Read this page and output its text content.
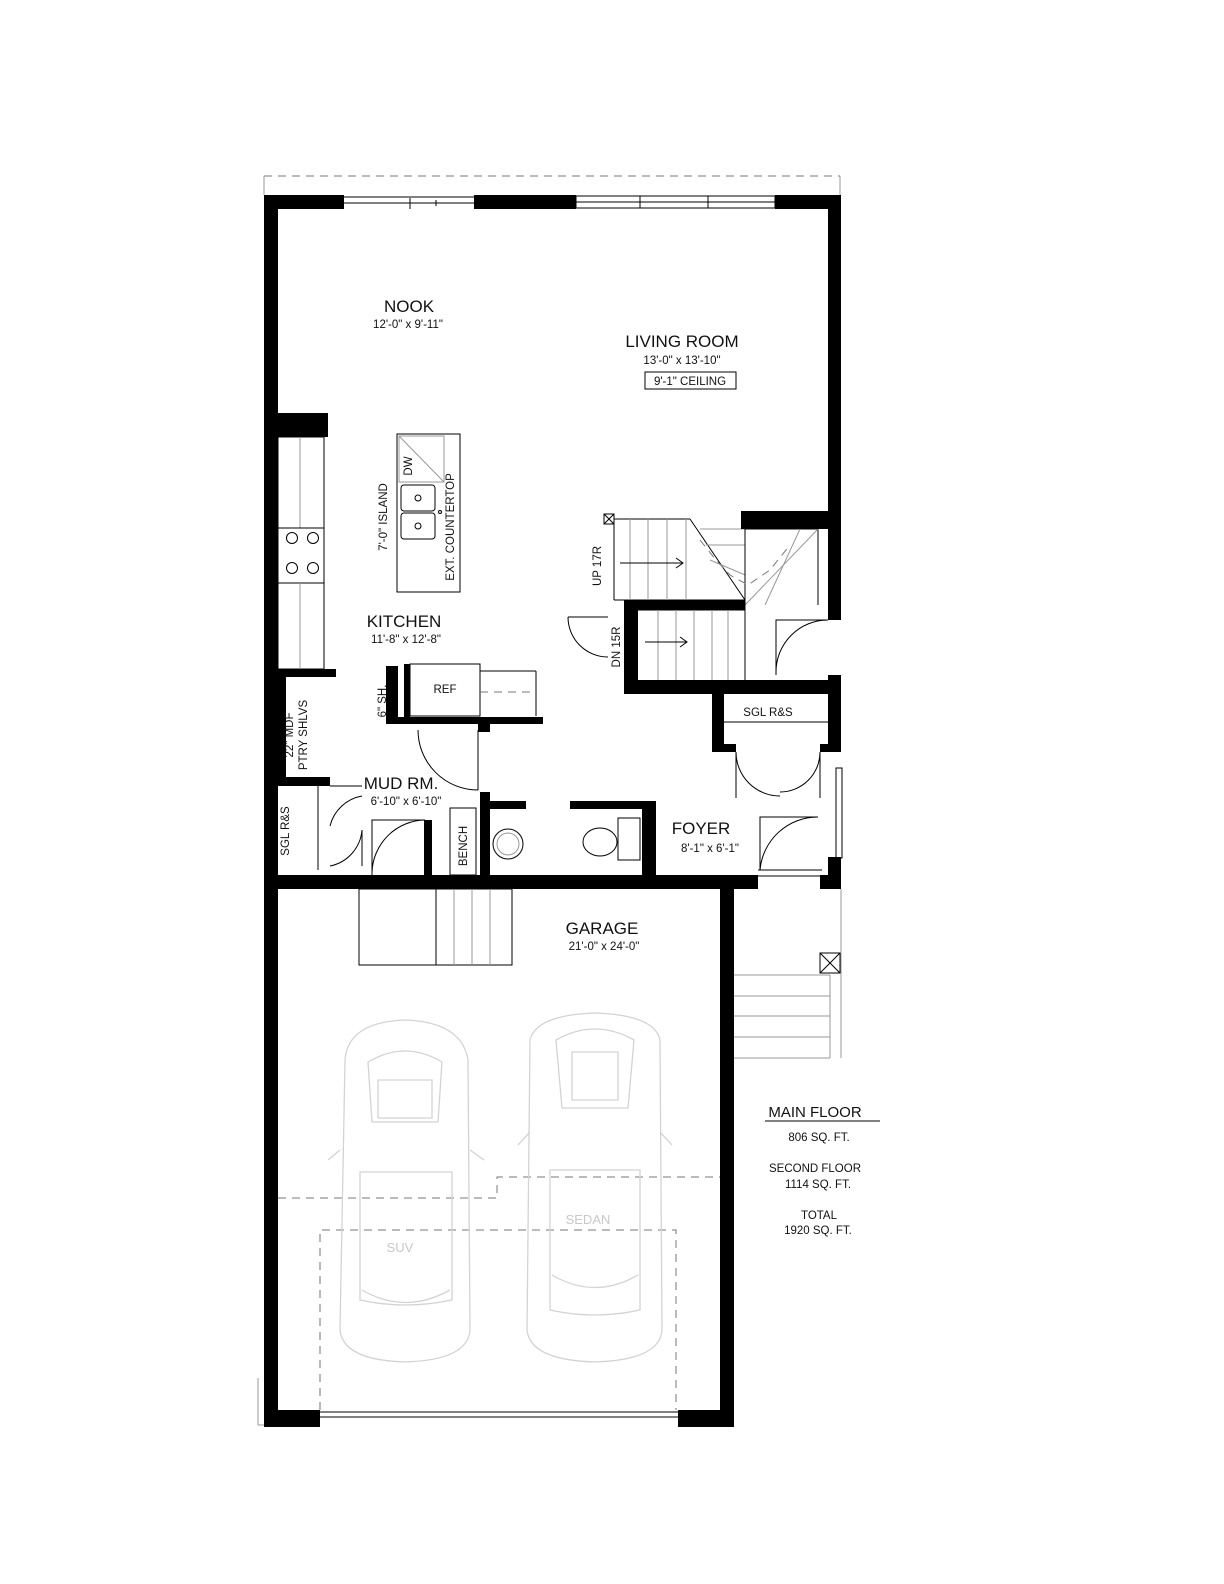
NOOK
12'-0" x 9'-11"
LIVING ROOM
13'-0" x 13'-10"
9'-1" CEILING
KITCHEN
11'-8" x 12'-8"
MUD RM.
6'-10" x 6'-10"
FOYER
8'-1" x 6'-1"
GARAGE
21'-0" x 24'-0"
7'-0" ISLAND	EXT. COUNTERTOP
DW
REF
6" SH.
22" MDF PTRY SHLVS
SGL R&S
SGL R&S
BENCH
UP 17R
DN 15R
SUV
SEDAN
MAIN FLOOR
806 SQ. FT.
SECOND FLOOR
1114 SQ. FT.
TOTAL
1920 SQ. FT.
